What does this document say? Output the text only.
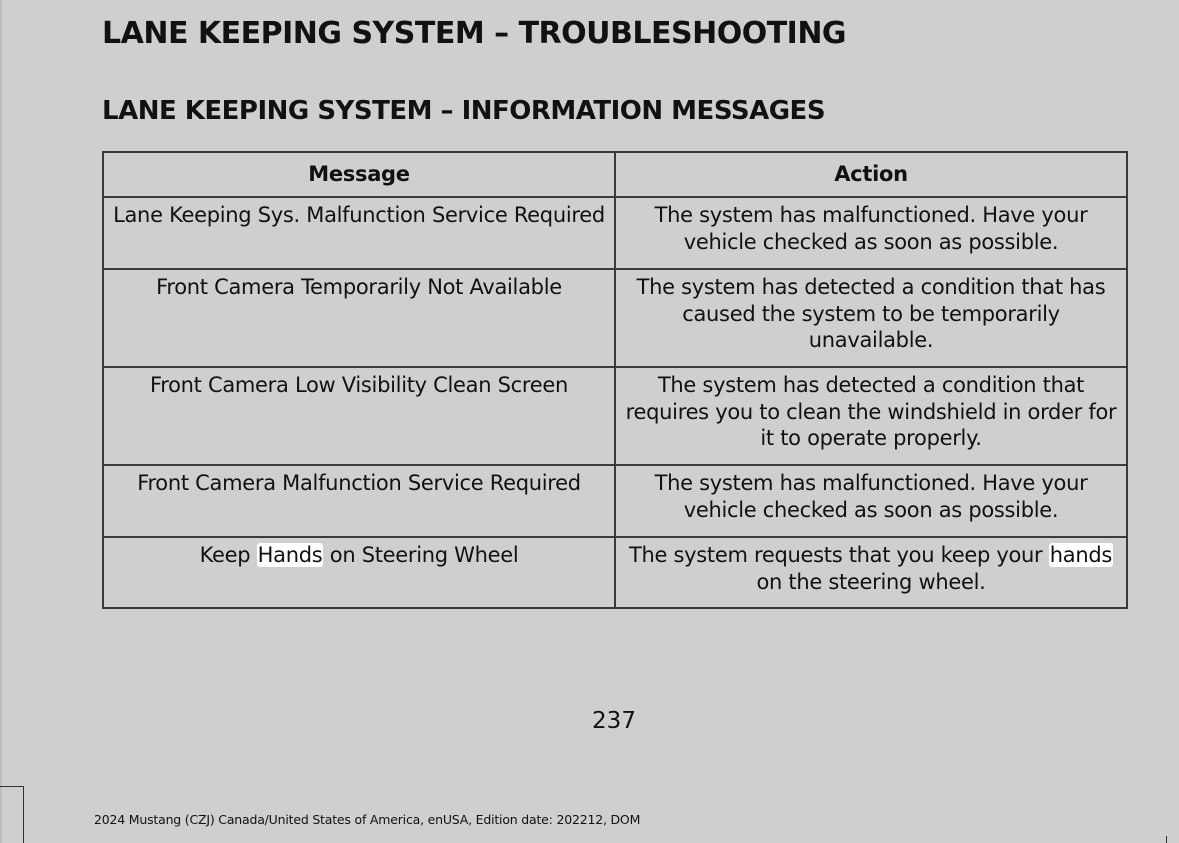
LANE KEEPING SYSTEM – TROUBLESHOOTING
LANE KEEPING SYSTEM – INFORMATION MESSAGES
Message	Action
Lane Keeping Sys. Malfunction Service Required	The system has malfunctioned. Have your vehicle checked as soon as possible.
Front Camera Temporarily Not Available	The system has detected a condition that has caused the system to be temporarily unavailable.
Front Camera Low Visibility Clean Screen	The system has detected a condition that requires you to clean the windshield in order for it to operate properly.
Front Camera Malfunction Service Required	The system has malfunctioned. Have your vehicle checked as soon as possible.
Keep Hands on Steering Wheel	The system requests that you keep your hands on the steering wheel.
237
2024 Mustang (CZJ) Canada/United States of America, enUSA, Edition date: 202212, DOM
